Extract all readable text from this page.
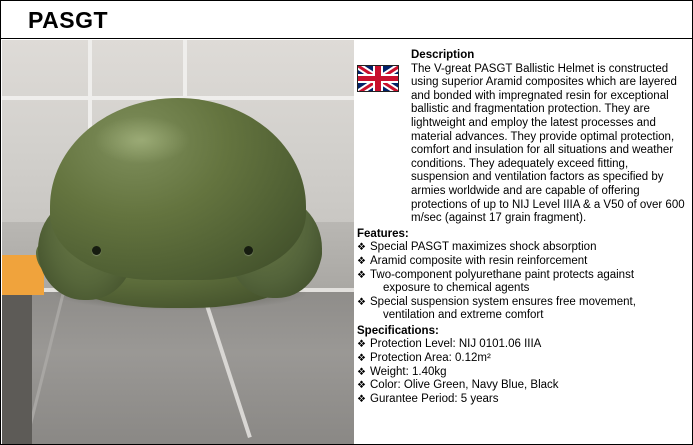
PASGT
Description
The V-great PASGT Ballistic Helmet is constructed using superior Aramid composites which are layered and bonded with impregnated resin for exceptional ballistic and fragmentation protection. They are lightweight and employ the latest processes and material advances. They provide optimal protection, comfort and insulation for all situations and weather conditions. They adequately exceed fitting, suspension and ventilation factors as specified by armies worldwide and are capable of offering protections of up to NIJ Level IIIA & a V50 of over 600 m/sec (against 17 grain fragment).
Features:
❖ Special PASGT maximizes shock absorption
❖ Aramid composite with resin reinforcement
❖ Two-component polyurethane paint protects against
exposure to chemical agents
❖ Special suspension system ensures free movement,
ventilation and extreme comfort
Specifications:
❖ Protection Level: NIJ 0101.06 IIIA
❖ Protection Area: 0.12m²
❖ Weight: 1.40kg
❖ Color: Olive Green, Navy Blue, Black
❖ Gurantee Period: 5 years
